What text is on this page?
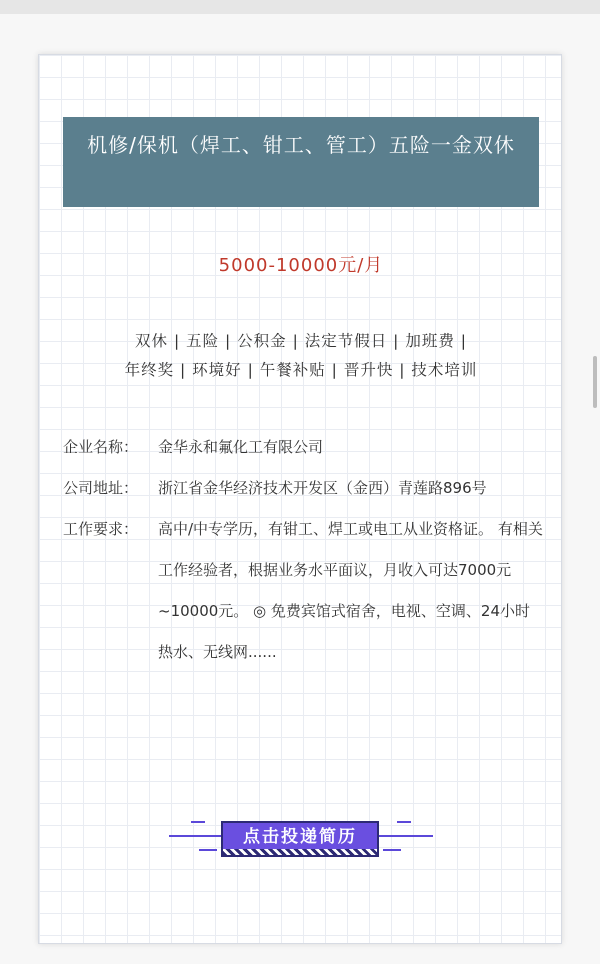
机修/保机（焊工、钳工、管工）五险一金双休
5000-10000元/月
双休 | 五险 | 公积金 | 法定节假日 | 加班费 |
年终奖 | 环境好 | 午餐补贴 | 晋升快 | 技术培训
企业名称：	金华永和氟化工有限公司
公司地址：	浙江省金华经济技术开发区（金西）青莲路896号
工作要求：	高中/中专学历，有钳工、焊工或电工从业资格证。 有相关工作经验者，根据业务水平面议，月收入可达7000元~10000元。 ◎ 免费宾馆式宿舍，电视、空调、24小时热水、无线网......
点击投递简历
